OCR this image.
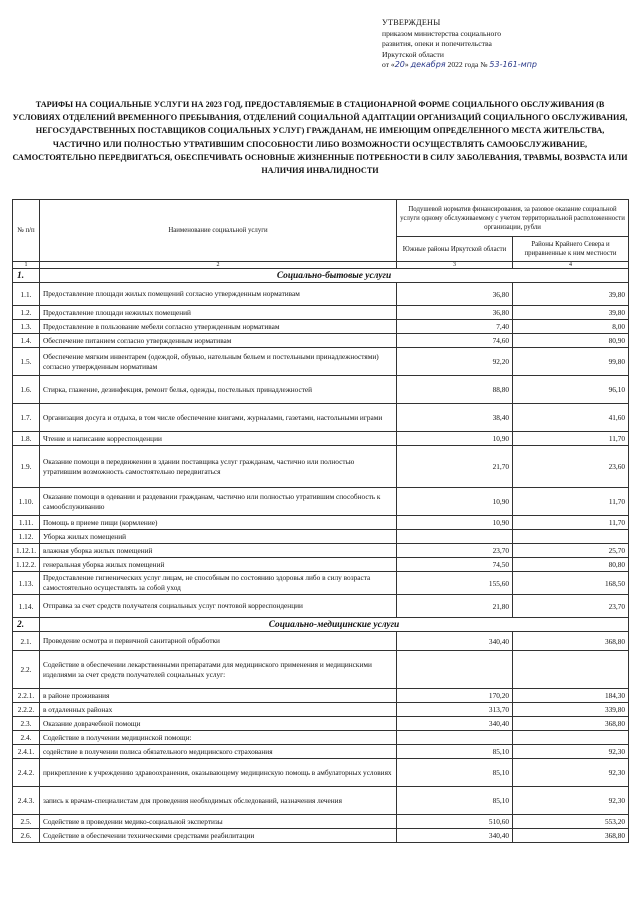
УТВЕРЖДЕНЫ
приказом министерства социального
развития, опеки и попечительства
Иркутской области
от «20» декабря 2022 года № 53-161-мпр
ТАРИФЫ НА СОЦИАЛЬНЫЕ УСЛУГИ НА 2023 ГОД, ПРЕДОСТАВЛЯЕМЫЕ В СТАЦИОНАРНОЙ ФОРМЕ СОЦИАЛЬНОГО ОБСЛУЖИВАНИЯ (В УСЛОВИЯХ ОТДЕЛЕНИЙ ВРЕМЕННОГО ПРЕБЫВАНИЯ, ОТДЕЛЕНИЙ СОЦИАЛЬНОЙ АДАПТАЦИИ ОРГАНИЗАЦИЙ СОЦИАЛЬНОГО ОБСЛУЖИВАНИЯ, НЕГОСУДАРСТВЕННЫХ ПОСТАВЩИКОВ СОЦИАЛЬНЫХ УСЛУГ) ГРАЖДАНАМ, НЕ ИМЕЮЩИМ ОПРЕДЕЛЕННОГО МЕСТА ЖИТЕЛЬСТВА, ЧАСТИЧНО ИЛИ ПОЛНОСТЬЮ УТРАТИВШИМ СПОСОБНОСТИ ЛИБО ВОЗМОЖНОСТИ ОСУЩЕСТВЛЯТЬ САМООБСЛУЖИВАНИЕ, САМОСТОЯТЕЛЬНО ПЕРЕДВИГАТЬСЯ, ОБЕСПЕЧИВАТЬ ОСНОВНЫЕ ЖИЗНЕННЫЕ ПОТРЕБНОСТИ В СИЛУ ЗАБОЛЕВАНИЯ, ТРАВМЫ, ВОЗРАСТА ИЛИ НАЛИЧИЯ ИНВАЛИДНОСТИ
№ п/п	Наименование социальной услуги	Подушевой норматив финансирования, за разовое оказание социальной услуги одному обслуживаемому с учетом территориальной расположенности организации, рубли	
		Южные районы Иркутской области	Районы Крайнего Севера и приравненные к ним местности
1	2	3	4
1.	Социально-бытовые услуги		
1.1.	Предоставление площади жилых помещений согласно утвержденным нормативам	36,80	39,80
1.2.	Предоставление площади нежилых помещений	36,80	39,80
1.3.	Предоставление в пользование мебели согласно утвержденным нормативам	7,40	8,00
1.4.	Обеспечение питанием согласно утвержденным нормативам	74,60	80,90
1.5.	Обеспечение мягким инвентарем (одеждой, обувью, нательным бельем и постельными принадлежностями) согласно утвержденным нормативам	92,20	99,80
1.6.	Стирка, глажение, дезинфекция, ремонт белья, одежды, постельных принадлежностей	88,80	96,10
1.7.	Организация досуга и отдыха, в том числе обеспечение книгами, журналами, газетами, настольными играми	38,40	41,60
1.8.	Чтение и написание корреспонденции	10,90	11,70
1.9.	Оказание помощи в передвижении в здании поставщика услуг гражданам, частично или полностью утратившим возможность самостоятельно передвигаться	21,70	23,60
1.10.	Оказание помощи в одевании и раздевании гражданам, частично или полностью утратившим способность к самообслуживанию	10,90	11,70
1.11.	Помощь в приеме пищи (кормление)	10,90	11,70
1.12.	Уборка жилых помещений		
1.12.1.	влажная уборка жилых помещений	23,70	25,70
1.12.2.	генеральная уборка жилых помещений	74,50	80,80
1.13.	Предоставление гигиенических услуг лицам, не способным по состоянию здоровья либо в силу возраста самостоятельно осуществлять за собой уход	155,60	168,50
1.14.	Отправка за счет средств получателя социальных услуг почтовой корреспонденции	21,80	23,70
2.	Социально-медицинские услуги		
2.1.	Проведение осмотра и первичной санитарной обработки	340,40	368,80
2.2.	Содействие в обеспечении лекарственными препаратами для медицинского применения и медицинскими изделиями за счет средств получателей социальных услуг:		
2.2.1.	в районе проживания	170,20	184,30
2.2.2.	в отдаленных районах	313,70	339,80
2.3.	Оказание доврачебной помощи	340,40	368,80
2.4.	Содействие в получении медицинской помощи:		
2.4.1.	содействие в получении полиса обязательного медицинского страхования	85,10	92,30
2.4.2.	прикрепление к учреждению здравоохранения, оказывающему медицинскую помощь в амбулаторных условиях	85,10	92,30
2.4.3.	запись к врачам-специалистам для проведения необходимых обследований, назначения лечения	85,10	92,30
2.5.	Содействие в проведении медико-социальной экспертизы	510,60	553,20
2.6.	Содействие в обеспечении техническими средствами реабилитации	340,40	368,80
